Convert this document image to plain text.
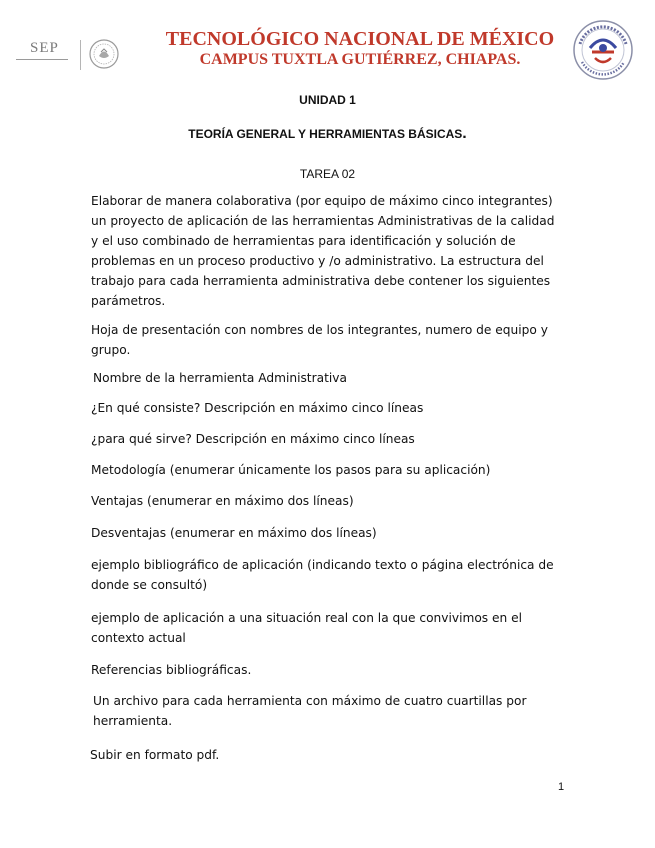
SEP	TECNOLÓGICO NACIONAL DE MÉXICO
CAMPUS TUXTLA GUTIÉRREZ, CHIAPAS.
UNIDAD 1
TEORÍA GENERAL Y HERRAMIENTAS BÁSICAS.
TAREA 02
Elaborar de manera colaborativa (por equipo de máximo cinco integrantes) un proyecto de aplicación de las herramientas Administrativas de la calidad y el uso combinado de herramientas para identificación y solución de problemas en un proceso productivo y /o administrativo. La estructura del trabajo para cada herramienta administrativa debe contener los siguientes parámetros.
Hoja de presentación con nombres de los integrantes, numero de equipo y grupo.
Nombre de la herramienta Administrativa
¿En qué consiste? Descripción en máximo cinco líneas
¿para qué sirve? Descripción en máximo cinco líneas
Metodología (enumerar únicamente los pasos para su aplicación)
Ventajas (enumerar en máximo dos líneas)
Desventajas (enumerar en máximo dos líneas)
ejemplo bibliográfico de aplicación (indicando texto o página electrónica de donde se consultó)
ejemplo de aplicación a una situación real con la que convivimos en el contexto actual
Referencias bibliográficas.
Un archivo para cada herramienta con máximo de cuatro cuartillas por herramienta.
Subir en formato pdf.
1
